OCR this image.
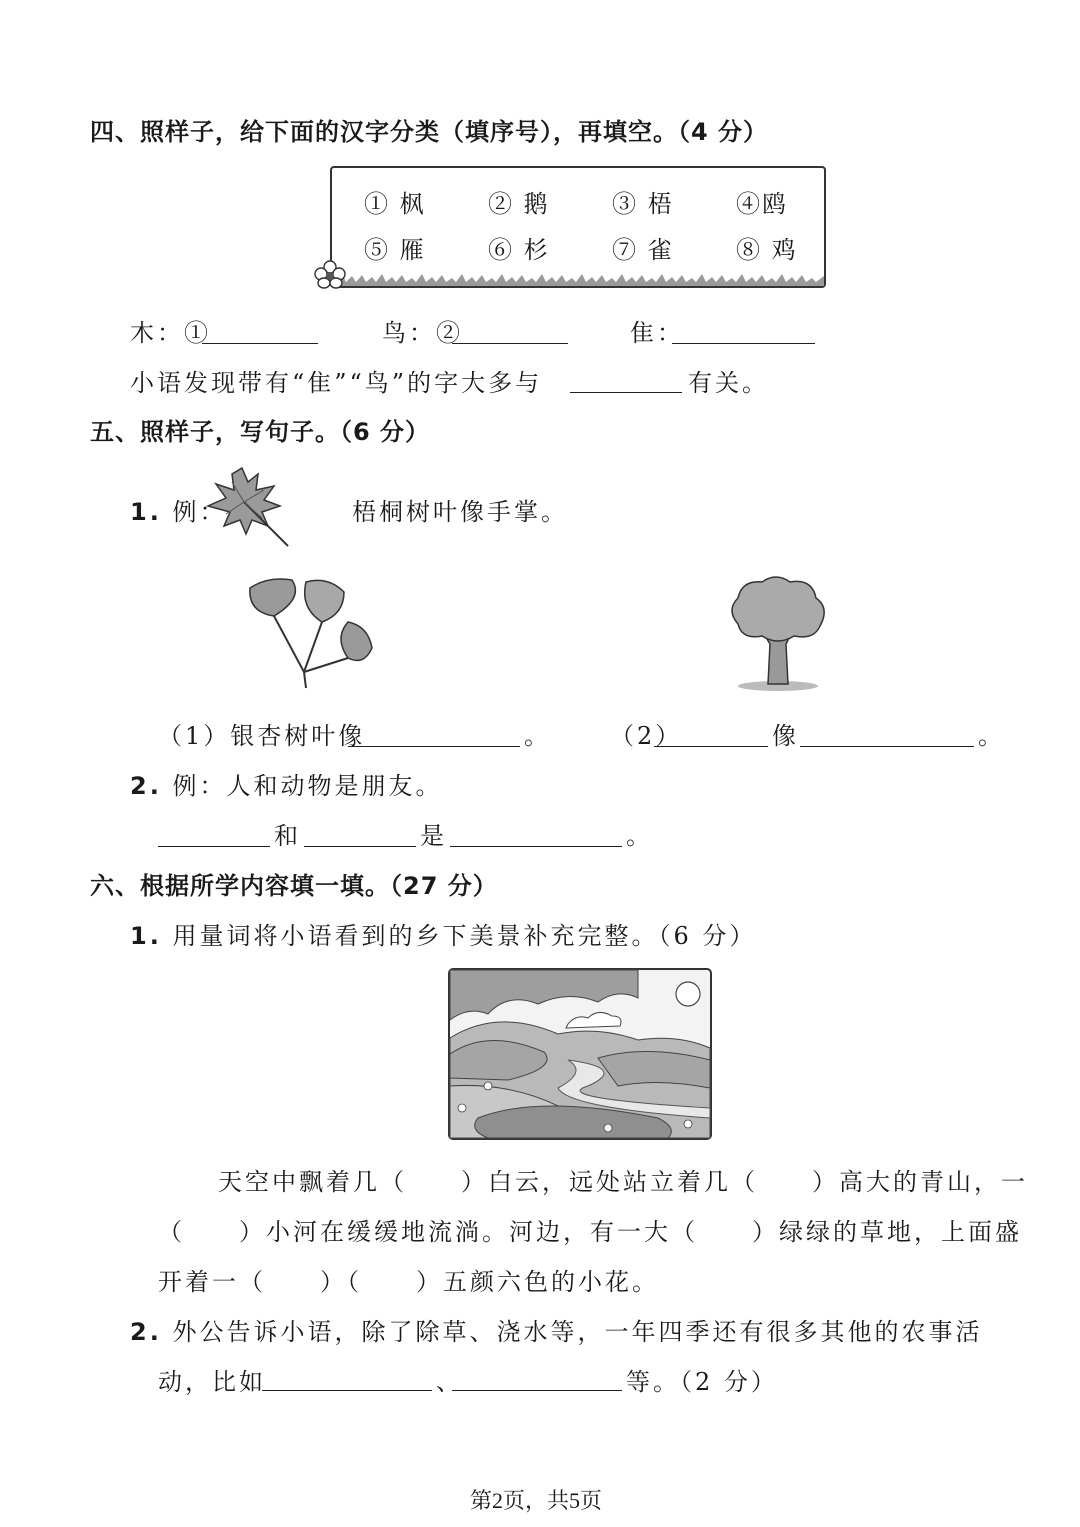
四、照样子，给下面的汉字分类（填序号），再填空。（4 分）
① 枫	② 鹅	③ 梧	④鸥
⑤ 雁	⑥ 杉	⑦ 雀	⑧ 鸡
木：①	鸟：②	隹：
小语发现带有“隹”“鸟”的字大多与	有关。
五、照样子，写句子。（6 分）
1. 例：	梧桐树叶像手掌。
（1）银杏树叶像	。 （2）	像	。
2. 例：人和动物是朋友。
和	是	。
六、根据所学内容填一填。（27 分）
1. 用量词将小语看到的乡下美景补充完整。（6 分）
天空中飘着几（　　）白云，远处站立着几（　　）高大的青山，一
（　　）小河在缓缓地流淌。河边，有一大（　　）绿绿的草地，上面盛
开着一（　　）（　　）五颜六色的小花。
2. 外公告诉小语，除了除草、浇水等，一年四季还有很多其他的农事活
动，比如	、	等。（2 分）
第2页，共5页
